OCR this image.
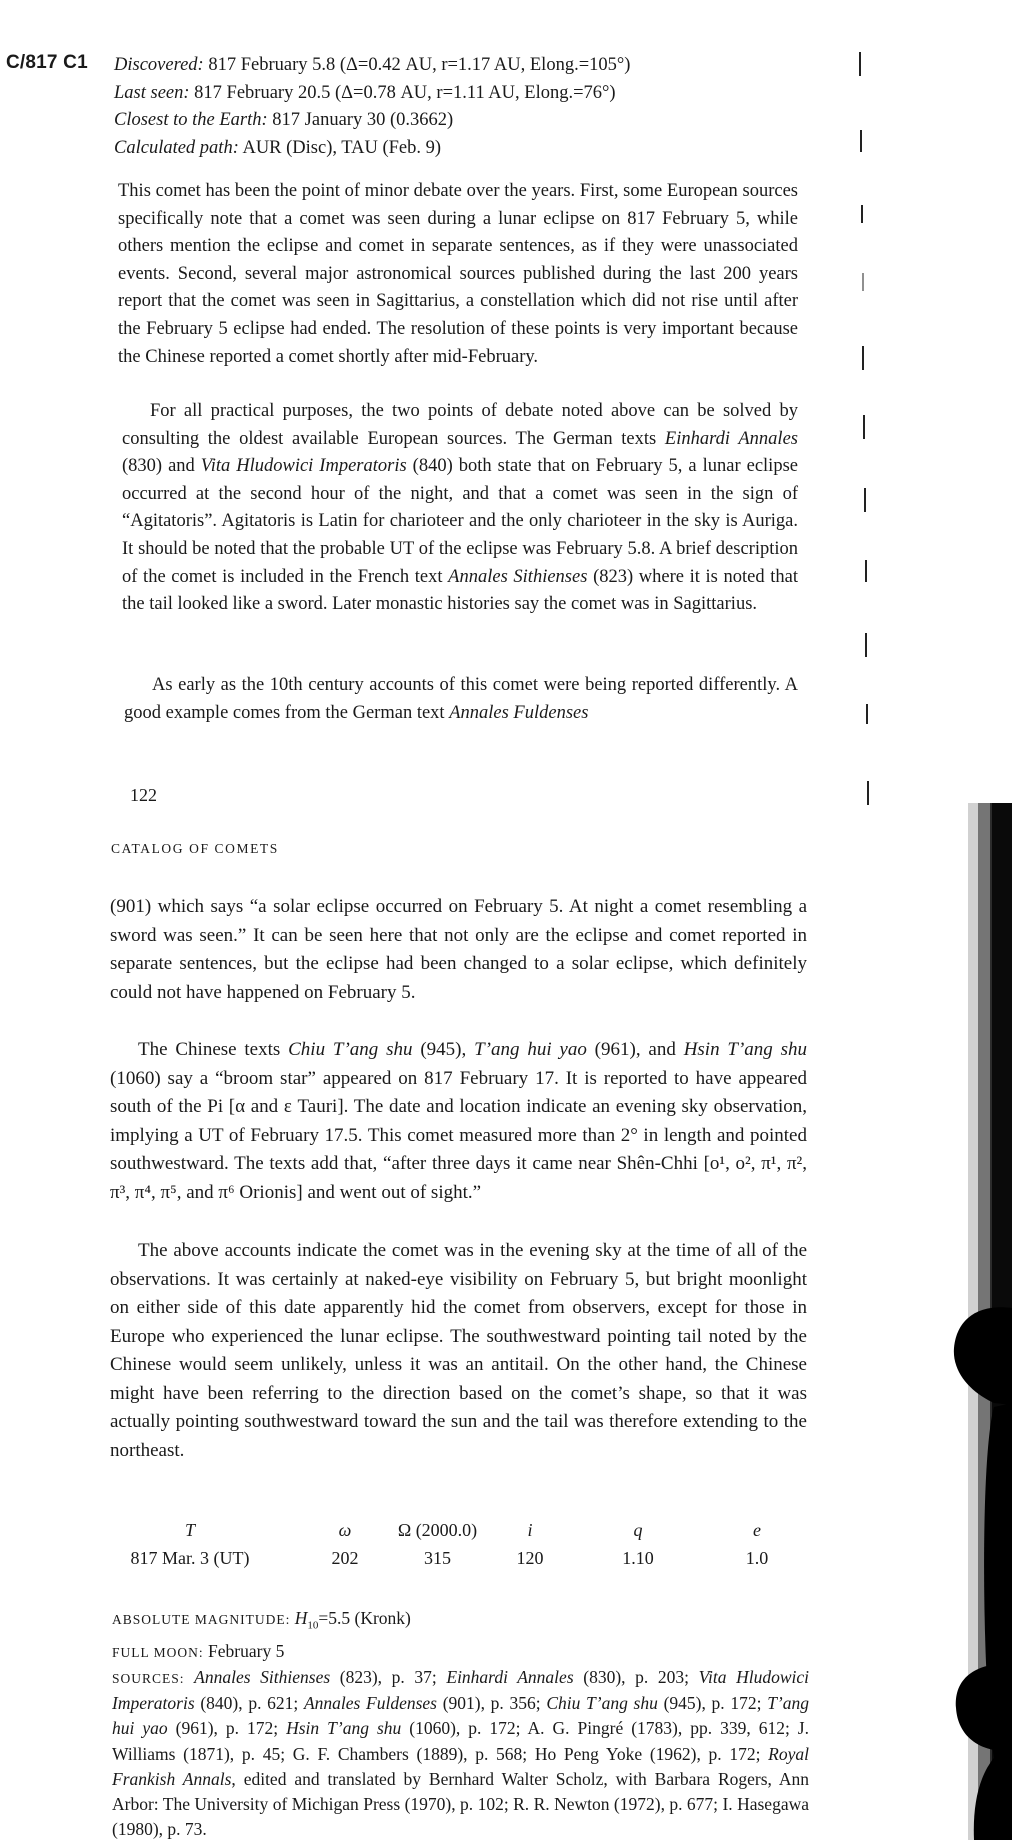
C/817 C1 Discovered: 817 February 5.8 (Δ=0.42 AU, r=1.17 AU, Elong.=105°)
Last seen: 817 February 20.5 (Δ=0.78 AU, r=1.11 AU, Elong.=76°)
Closest to the Earth: 817 January 30 (0.3662)
Calculated path: AUR (Disc), TAU (Feb. 9)

This comet has been the point of minor debate over the years. First, some European sources specifically note that a comet was seen during a lunar eclipse on 817 February 5, while others mention the eclipse and comet in separate sentences, as if they were unassociated events. Second, several major astronomical sources published during the last 200 years report that the comet was seen in Sagittarius, a constellation which did not rise until after the February 5 eclipse had ended. The resolution of these points is very important because the Chinese reported a comet shortly after mid-February.

For all practical purposes, the two points of debate noted above can be solved by consulting the oldest available European sources. The German texts Einhardi Annales (830) and Vita Hludowici Imperatoris (840) both state that on February 5, a lunar eclipse occurred at the second hour of the night, and that a comet was seen in the sign of “Agitatoris”. Agitatoris is Latin for charioteer and the only charioteer in the sky is Auriga. It should be noted that the probable UT of the eclipse was February 5.8. A brief description of the comet is included in the French text Annales Sithienses (823) where it is noted that the tail looked like a sword. Later monastic histories say the comet was in Sagittarius.

As early as the 10th century accounts of this comet were being reported differently. A good example comes from the German text Annales Fuldenses

122
CATALOG OF COMETS

(901) which says “a solar eclipse occurred on February 5. At night a comet resembling a sword was seen.” It can be seen here that not only are the eclipse and comet reported in separate sentences, but the eclipse had been changed to a solar eclipse, which definitely could not have happened on February 5.

The Chinese texts Chiu T’ang shu (945), T’ang hui yao (961), and Hsin T’ang shu (1060) say a “broom star” appeared on 817 February 17. It is reported to have appeared south of the Pi [α and ε Tauri]. The date and location indicate an evening sky observation, implying a UT of February 17.5. This comet measured more than 2° in length and pointed southwestward. The texts add that, “after three days it came near Shên-Chhi [o¹, o², π¹, π², π³, π⁴, π⁵, and π⁶ Orionis] and went out of sight.”

The above accounts indicate the comet was in the evening sky at the time of all of the observations. It was certainly at naked-eye visibility on February 5, but bright moonlight on either side of this date apparently hid the comet from observers, except for those in Europe who experienced the lunar eclipse. The southwestward pointing tail noted by the Chinese would seem unlikely, unless it was an antitail. On the other hand, the Chinese might have been referring to the direction based on the comet’s shape, so that it was actually pointing southwestward toward the sun and the tail was therefore extending to the northeast.

T	ω	Ω (2000.0)	i	q	e
817 Mar. 3 (UT)	202	315	120	1.10	1.0

ABSOLUTE MAGNITUDE: $H_{10}=5.5$ (Kronk)

FULL MOON: February 5

SOURCES: Annales Sithienses (823), p. 37; Einhardi Annales (830), p. 203; Vita Hludowici Imperatoris (840), p. 621; Annales Fuldenses (901), p. 356; Chiu T’ang shu (945), p. 172; T’ang hui yao (961), p. 172; Hsin T’ang shu (1060), p. 172; A. G. Pingré (1783), pp. 339, 612; J. Williams (1871), p. 45; G. F. Chambers (1889), p. 568; Ho Peng Yoke (1962), p. 172; Royal Frankish Annals, edited and translated by Bernhard Walter Scholz, with Barbara Rogers, Ann Arbor: The University of Michigan Press (1970), p. 102; R. R. Newton (1972), p. 677; I. Hasegawa (1980), p. 73.
